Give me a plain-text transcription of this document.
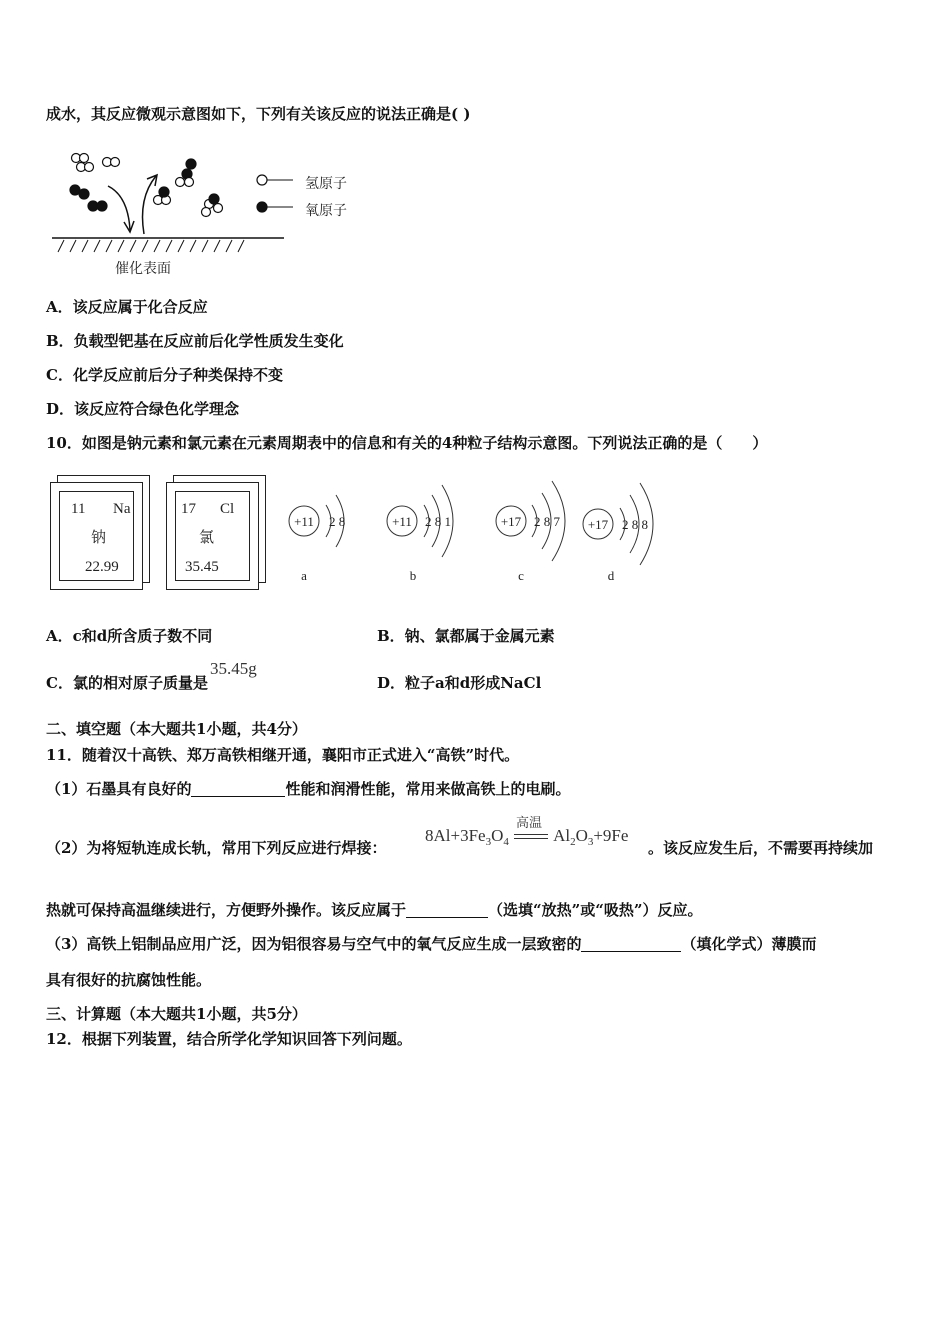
成水，其反应微观示意图如下，下列有关该反应的说法正确是( )
氢原子
氧原子
催化表面
A．该反应属于化合反应
B．负载型钯基在反应前后化学性质发生变化
C．化学反应前后分子种类保持不变
D．该反应符合绿色化学理念
10．如图是钠元素和氯元素在元素周期表中的信息和有关的4种粒子结构示意图。下列说法正确的是（　　）
11 Na
钠
22.99
17 Cl
氯
35.45
+11 2 8
a
+11 2 8 1
b
+17 2 8 7
c
+17 2 8 8
d
A．c和d所含质子数不同	B．钠、氯都属于金属元素
C．氯的相对原子质量是35.45g
D．粒子a和d形成NaCl
二、填空题（本大题共1小题，共4分）
11．随着汉十高铁、郑万高铁相继开通，襄阳市正式进入“高铁”时代。
（1）石墨具有良好的	性能和润滑性能，常用来做高铁上的电刷。
（2）为将短轨连成长轨，常用下列反应进行焊接：
$8Al+3Fe_3O_4$
高温
$Al_2O_3+9Fe$
。该反应发生后，不需要再持续加
热就可保持高温继续进行，方便野外操作。该反应属于	（选填“放热”或“吸热”）反应。
（3）高铁上铝制品应用广泛，因为铝很容易与空气中的氧气反应生成一层致密的	（填化学式）薄膜而
具有很好的抗腐蚀性能。
三、计算题（本大题共1小题，共5分）
12．根据下列装置，结合所学化学知识回答下列问题。
